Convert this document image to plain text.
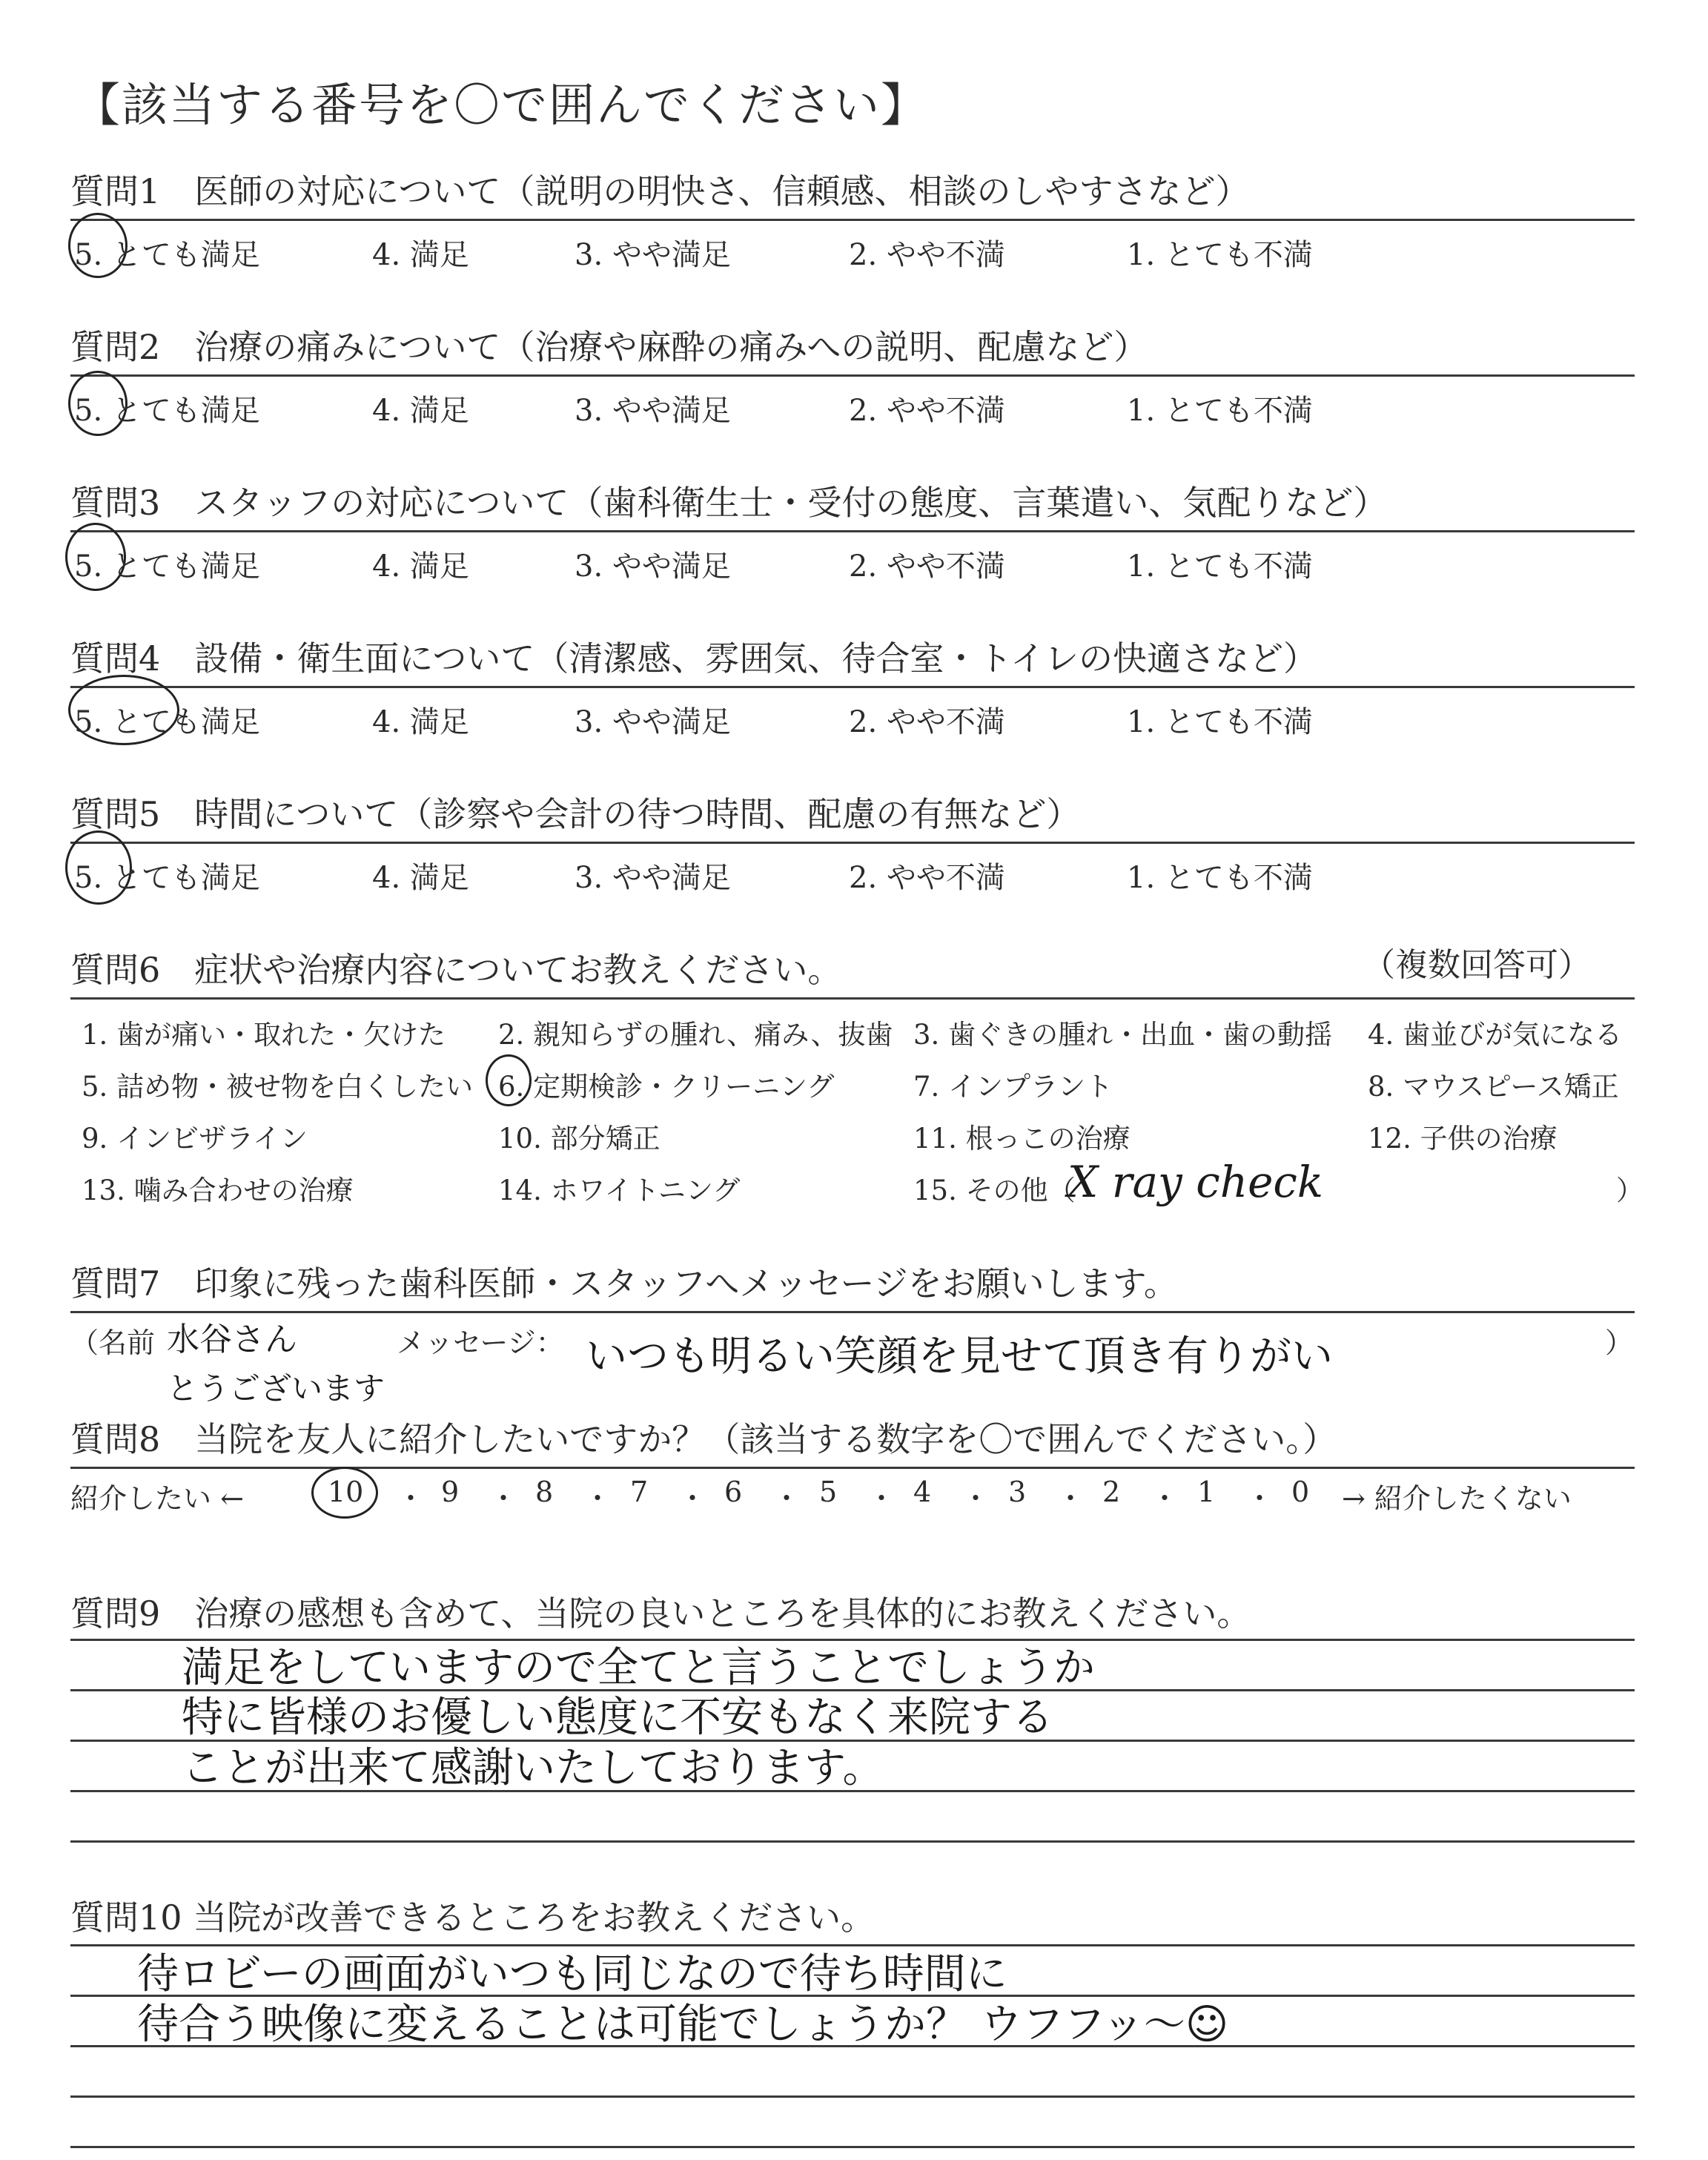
【該当する番号を〇で囲んでください】
質問1　医師の対応について（説明の明快さ、信頼感、相談のしやすさなど）
5. とても満足	4. 満足	3. やや満足	2. やや不満	1. とても不満
質問2　治療の痛みについて（治療や麻酔の痛みへの説明、配慮など）
5. とても満足	4. 満足	3. やや満足	2. やや不満	1. とても不満
質問3　スタッフの対応について（歯科衛生士・受付の態度、言葉遣い、気配りなど）
5. とても満足	4. 満足	3. やや満足	2. やや不満	1. とても不満
質問4　設備・衛生面について（清潔感、雰囲気、待合室・トイレの快適さなど）
5. とても満足	4. 満足	3. やや満足	2. やや不満	1. とても不満
質問5　時間について（診察や会計の待つ時間、配慮の有無など）
5. とても満足	4. 満足	3. やや満足	2. やや不満	1. とても不満
質問6　症状や治療内容についてお教えください。	（複数回答可）
1. 歯が痛い・取れた・欠けた 2. 親知らずの腫れ、痛み、抜歯 3. 歯ぐきの腫れ・出血・歯の動揺 4. 歯並びが気になる
5. 詰め物・被せ物を白くしたい 6. 定期検診・クリーニング	7. インプラント	8. マウスピース矯正
9. インビザライン	10. 部分矯正	11. 根っこの治療	12. 子供の治療
13. 噛み合わせの治療	14. ホワイトニング	15. その他（
X ray check	）
質問7　印象に残った歯科医師・スタッフへメッセージをお願いします。
（名前 水谷さん	メッセージ： いつも明るい笑顔を見せて頂き有りがい	）
とうございます
質問8　当院を友人に紹介したいですか？（該当する数字を〇で囲んでください。）
紹介したい ←	10 ・ 9 ・ 8 ・ 7 ・ 6 ・ 5 ・ 4 ・ 3 ・ 2 ・ 1 ・ 0 → 紹介したくない
質問9　治療の感想も含めて、当院の良いところを具体的にお教えください。
満足をしていますので全てと言うことでしょうか
特に皆様のお優しい態度に不安もなく来院する
ことが出来て感謝いたしております。
質問10 当院が改善できるところをお教えください。
待ロビーの画面がいつも同じなので待ち時間に
待合う映像に変えることは可能でしょうか？ ウフフッ〜☺
